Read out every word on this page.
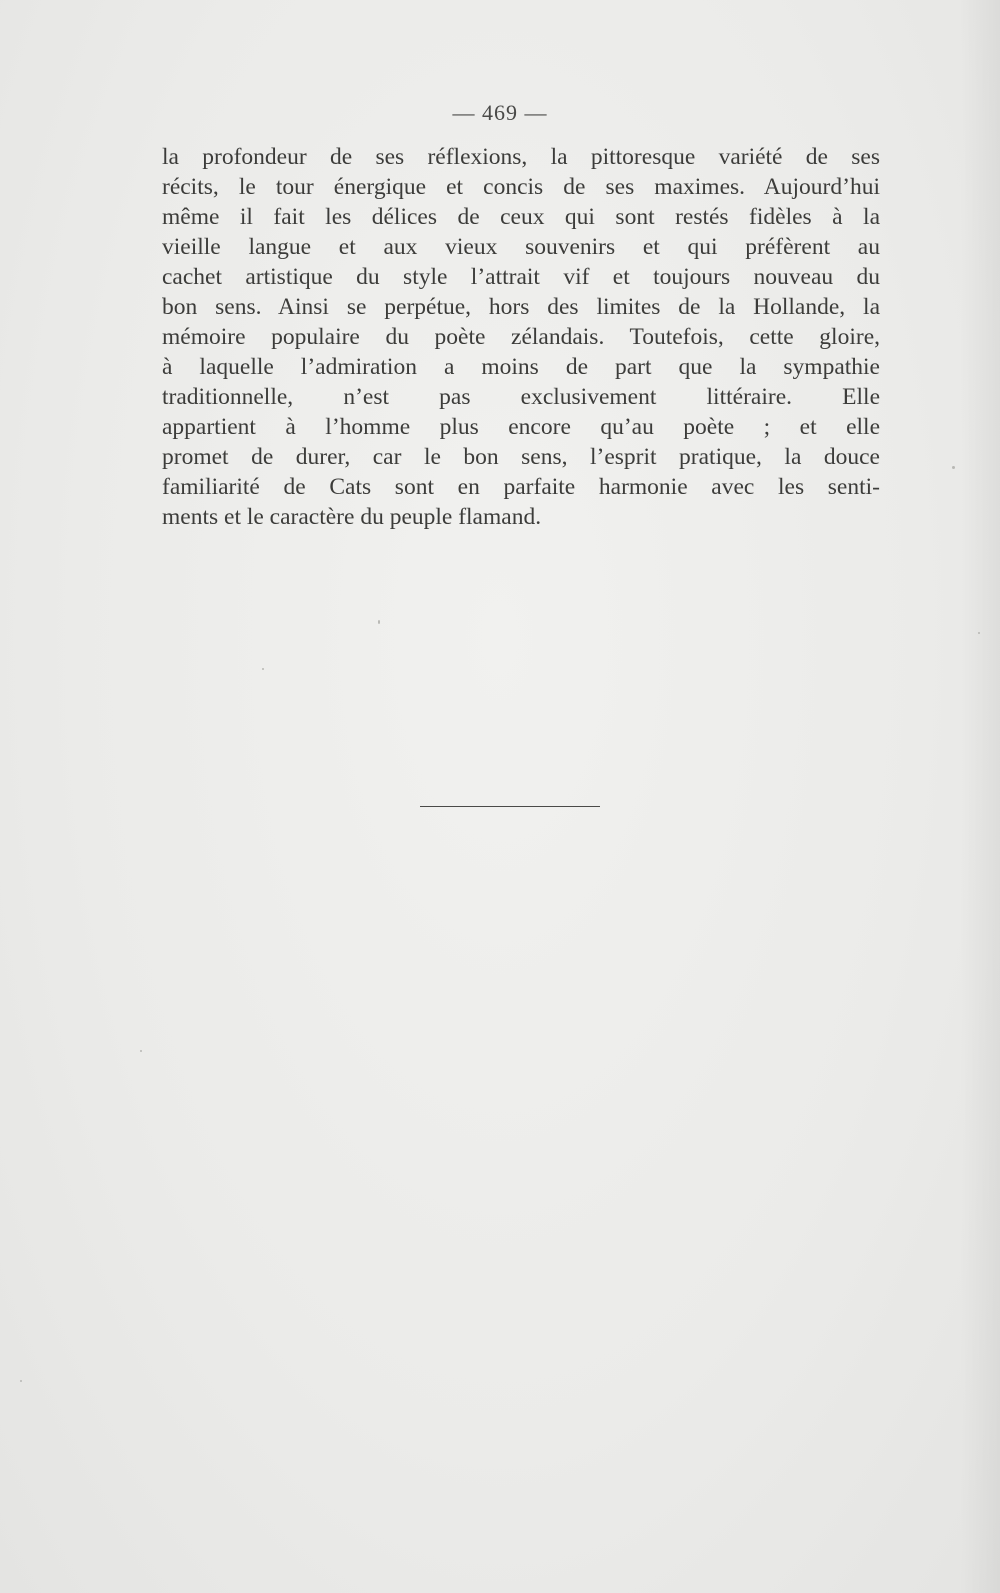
— 469 —
la profondeur de ses réflexions, la pittoresque variété de ses
récits, le tour énergique et concis de ses maximes. Aujourd’hui
même il fait les délices de ceux qui sont restés fidèles à la
vieille langue et aux vieux souvenirs et qui préfèrent au
cachet artistique du style l’attrait vif et toujours nouveau du
bon sens. Ainsi se perpétue, hors des limites de la Hollande, la
mémoire populaire du poète zélandais. Toutefois, cette gloire,
à laquelle l’admiration a moins de part que la sympathie
traditionnelle, n’est pas exclusivement littéraire. Elle
appartient à l’homme plus encore qu’au poète ; et elle
promet de durer, car le bon sens, l’esprit pratique, la douce
familiarité de Cats sont en parfaite harmonie avec les senti-
ments et le caractère du peuple flamand.
